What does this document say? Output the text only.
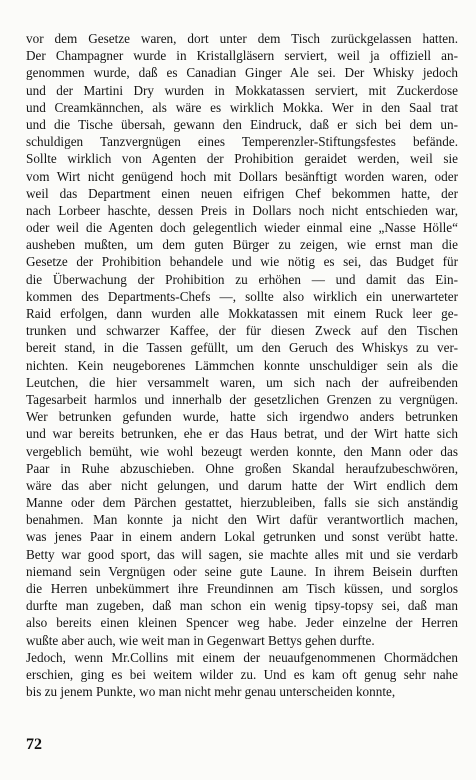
vor dem Gesetze waren, dort unter dem Tisch zurückgelassen hatten.
Der Champagner wurde in Kristallgläsern serviert, weil ja offiziell an-
genommen wurde, daß es Canadian Ginger Ale sei. Der Whisky jedoch
und der Martini Dry wurden in Mokkatassen serviert, mit Zuckerdose
und Creamkännchen, als wäre es wirklich Mokka. Wer in den Saal trat
und die Tische übersah, gewann den Eindruck, daß er sich bei dem un-
schuldigen Tanzvergnügen eines Temperenzler-Stiftungsfestes befände.
Sollte wirklich von Agenten der Prohibition geraidet werden, weil sie
vom Wirt nicht genügend hoch mit Dollars besänftigt worden waren, oder
weil das Department einen neuen eifrigen Chef bekommen hatte, der
nach Lorbeer haschte, dessen Preis in Dollars noch nicht entschieden war,
oder weil die Agenten doch gelegentlich wieder einmal eine „Nasse Hölle“
ausheben mußten, um dem guten Bürger zu zeigen, wie ernst man die
Gesetze der Prohibition behandele und wie nötig es sei, das Budget für
die Überwachung der Prohibition zu erhöhen — und damit das Ein-
kommen des Departments-Chefs —, sollte also wirklich ein unerwarteter
Raid erfolgen, dann wurden alle Mokkatassen mit einem Ruck leer ge-
trunken und schwarzer Kaffee, der für diesen Zweck auf den Tischen
bereit stand, in die Tassen gefüllt, um den Geruch des Whiskys zu ver-
nichten. Kein neugeborenes Lämmchen konnte unschuldiger sein als die
Leutchen, die hier versammelt waren, um sich nach der aufreibenden
Tagesarbeit harmlos und innerhalb der gesetzlichen Grenzen zu vergnügen.
Wer betrunken gefunden wurde, hatte sich irgendwo anders betrunken
und war bereits betrunken, ehe er das Haus betrat, und der Wirt hatte sich
vergeblich bemüht, wie wohl bezeugt werden konnte, den Mann oder das
Paar in Ruhe abzuschieben. Ohne großen Skandal heraufzubeschwören,
wäre das aber nicht gelungen, und darum hatte der Wirt endlich dem
Manne oder dem Pärchen gestattet, hierzubleiben, falls sie sich anständig
benahmen. Man konnte ja nicht den Wirt dafür verantwortlich machen,
was jenes Paar in einem andern Lokal getrunken und sonst verübt hatte.
Betty war good sport, das will sagen, sie machte alles mit und sie verdarb
niemand sein Vergnügen oder seine gute Laune. In ihrem Beisein durften
die Herren unbekümmert ihre Freundinnen am Tisch küssen, und sorglos
durfte man zugeben, daß man schon ein wenig tipsy-topsy sei, daß man
also bereits einen kleinen Spencer weg habe. Jeder einzelne der Herren
wußte aber auch, wie weit man in Gegenwart Bettys gehen durfte.
Jedoch, wenn Mr.Collins mit einem der neuaufgenommenen Chormädchen
erschien, ging es bei weitem wilder zu. Und es kam oft genug sehr nahe
bis zu jenem Punkte, wo man nicht mehr genau unterscheiden konnte,
72
